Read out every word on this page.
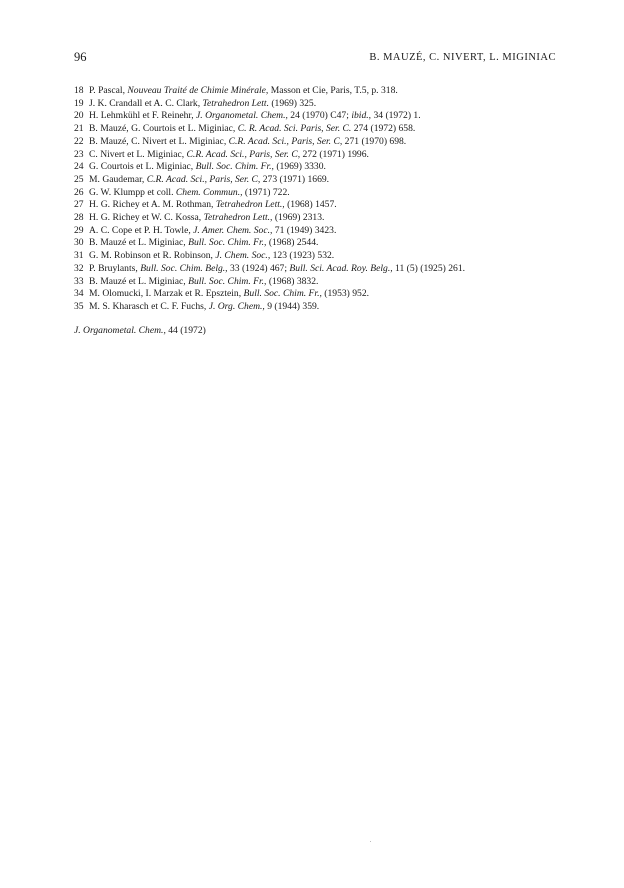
96	B. MAUZÉ, C. NIVERT, L. MIGINIAC
18 P. Pascal, Nouveau Traité de Chimie Minérale, Masson et Cie, Paris, T.5, p. 318.
19 J. K. Crandall et A. C. Clark, Tetrahedron Lett. (1969) 325.
20 H. Lehmkühl et F. Reinehr, J. Organometal. Chem., 24 (1970) C47; ibid., 34 (1972) 1.
21 B. Mauzé, G. Courtois et L. Miginiac, C. R. Acad. Sci. Paris, Ser. C. 274 (1972) 658.
22 B. Mauzé, C. Nivert et L. Miginiac, C.R. Acad. Sci., Paris, Ser. C, 271 (1970) 698.
23 C. Nivert et L. Miginiac, C.R. Acad. Sci., Paris, Ser. C, 272 (1971) 1996.
24 G. Courtois et L. Miginiac, Bull. Soc. Chim. Fr., (1969) 3330.
25 M. Gaudemar, C.R. Acad. Sci., Paris, Ser. C, 273 (1971) 1669.
26 G. W. Klumpp et coll. Chem. Commun., (1971) 722.
27 H. G. Richey et A. M. Rothman, Tetrahedron Lett., (1968) 1457.
28 H. G. Richey et W. C. Kossa, Tetrahedron Lett., (1969) 2313.
29 A. C. Cope et P. H. Towle, J. Amer. Chem. Soc., 71 (1949) 3423.
30 B. Mauzé et L. Miginiac, Bull. Soc. Chim. Fr., (1968) 2544.
31 G. M. Robinson et R. Robinson, J. Chem. Soc., 123 (1923) 532.
32 P. Bruylants, Bull. Soc. Chim. Belg., 33 (1924) 467; Bull. Sci. Acad. Roy. Belg., 11 (5) (1925) 261.
33 B. Mauzé et L. Miginiac, Bull. Soc. Chim. Fr., (1968) 3832.
34 M. Olomucki, I. Marzak et R. Epsztein, Bull. Soc. Chim. Fr., (1953) 952.
35 M. S. Kharasch et C. F. Fuchs, J. Org. Chem., 9 (1944) 359.
J. Organometal. Chem., 44 (1972)
